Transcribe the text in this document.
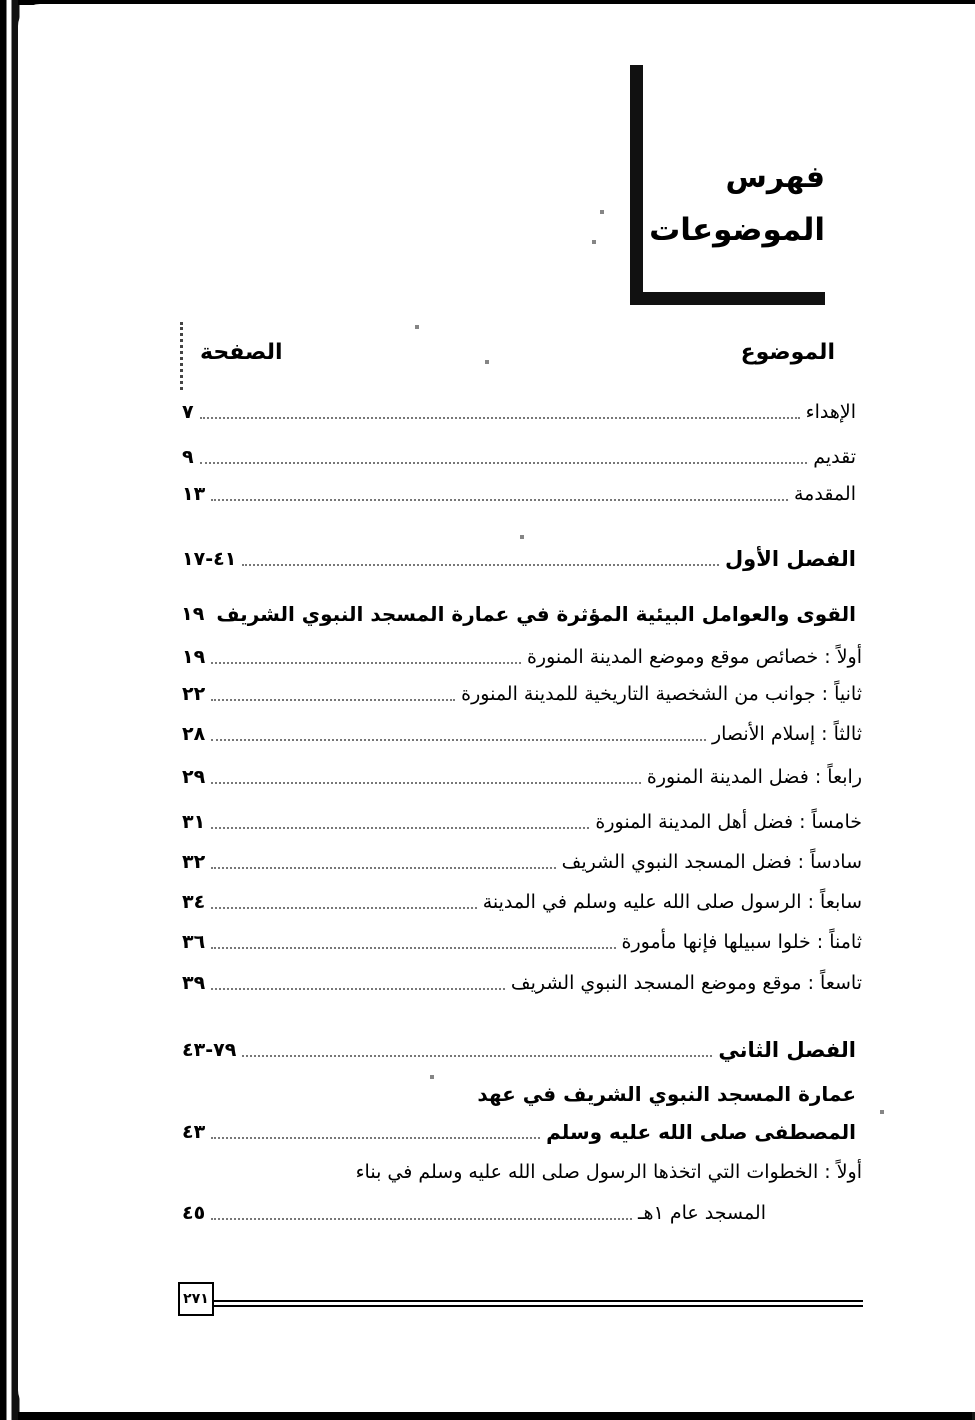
فهرس
الموضوعات
الموضوع
الصفحة
الإهداء
٧
تقديم
٩
المقدمة
١٣
الفصل الأول
٤١-١٧
القوى والعوامل البيئية المؤثرة في عمارة المسجد النبوي الشريف
١٩
أولاً :
خصائص موقع وموضع المدينة المنورة
١٩
ثانياً :
جوانب من الشخصية التاريخية للمدينة المنورة
٢٢
ثالثاً :
إسلام الأنصار
٢٨
رابعاً :
فضل المدينة المنورة
٢٩
خامساً :
فضل أهل المدينة المنورة
٣١
سادساً :
فضل المسجد النبوي الشريف
٣٢
سابعاً :
الرسول صلى الله عليه وسلم في المدينة
٣٤
ثامناً :
خلوا سبيلها فإنها مأمورة
٣٦
تاسعاً :
موقع وموضع المسجد النبوي الشريف
٣٩
الفصل الثاني
٧٩-٤٣
عمارة المسجد النبوي الشريف في عهد
المصطفى صلى الله عليه وسلم
٤٣
أولاً :
الخطوات التي اتخذها الرسول صلى الله عليه وسلم في بناء
المسجد عام ١هـ
٤٥
٢٧١
